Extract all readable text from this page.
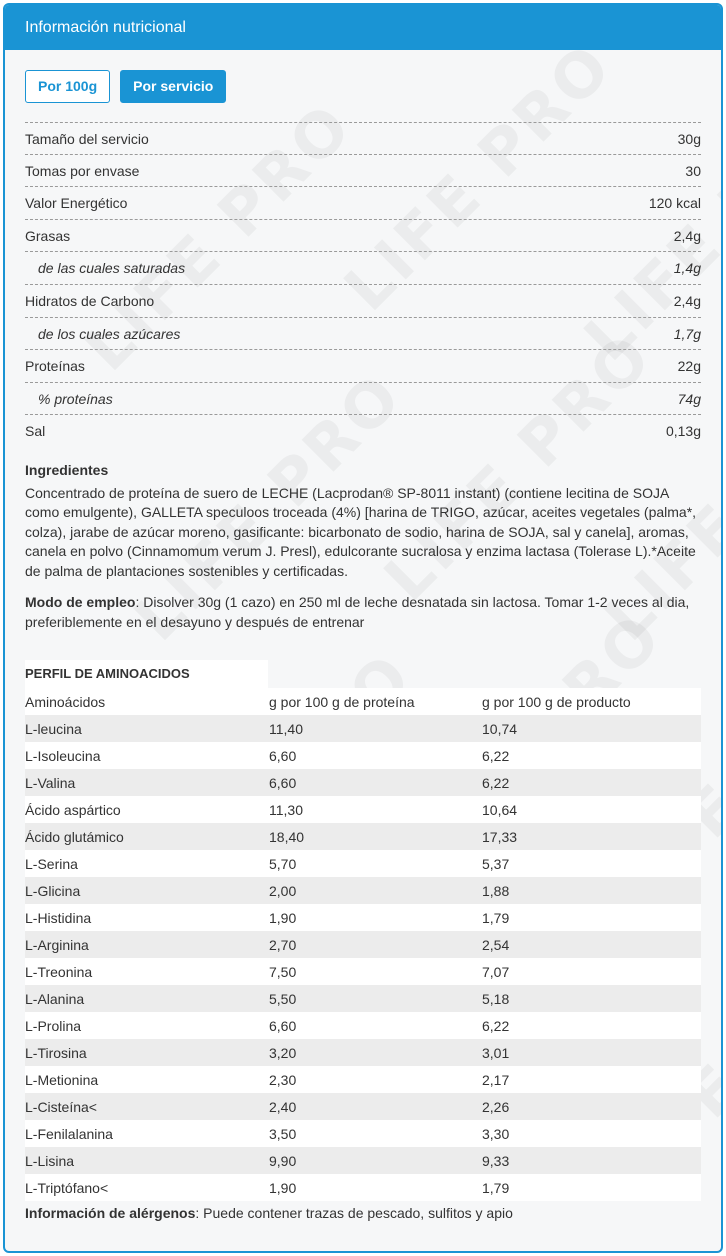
Información nutricional
Por 100g	Por servicio
Tamaño del servicio	30g
Tomas por envase	30
Valor Energético	120 kcal
Grasas	2,4g
de las cuales saturadas	1,4g
Hidratos de Carbono	2,4g
de los cuales azúcares	1,7g
Proteínas	22g
% proteínas	74g
Sal	0,13g
Ingredientes
Concentrado de proteína de suero de LECHE (Lacprodan® SP-8011 instant) (contiene lecitina de SOJA como emulgente), GALLETA speculoos troceada (4%) [harina de TRIGO, azúcar, aceites vegetales (palma*, colza), jarabe de azúcar moreno, gasificante: bicarbonato de sodio, harina de SOJA, sal y canela], aromas, canela en polvo (Cinnamomum verum J. Presl), edulcorante sucralosa y enzima lactasa (Tolerase L).*Aceite de palma de plantaciones sostenibles y certificadas.
Modo de empleo: Disolver 30g (1 cazo) en 250 ml de leche desnatada sin lactosa. Tomar 1-2 veces al dia, preferiblemente en el desayuno y después de entrenar
PERFIL DE AMINOACIDOS
Aminoácidos	g por 100 g de proteína	g por 100 g de producto
L-leucina	11,40	10,74
L-Isoleucina	6,60	6,22
L-Valina	6,60	6,22
Ácido aspártico	11,30	10,64
Ácido glutámico	18,40	17,33
L-Serina	5,70	5,37
L-Glicina	2,00	1,88
L-Histidina	1,90	1,79
L-Arginina	2,70	2,54
L-Treonina	7,50	7,07
L-Alanina	5,50	5,18
L-Prolina	6,60	6,22
L-Tirosina	3,20	3,01
L-Metionina	2,30	2,17
L-Cisteína<	2,40	2,26
L-Fenilalanina	3,50	3,30
L-Lisina	9,90	9,33
L-Triptófano<	1,90	1,79
Información de alérgenos: Puede contener trazas de pescado, sulfitos y apio
